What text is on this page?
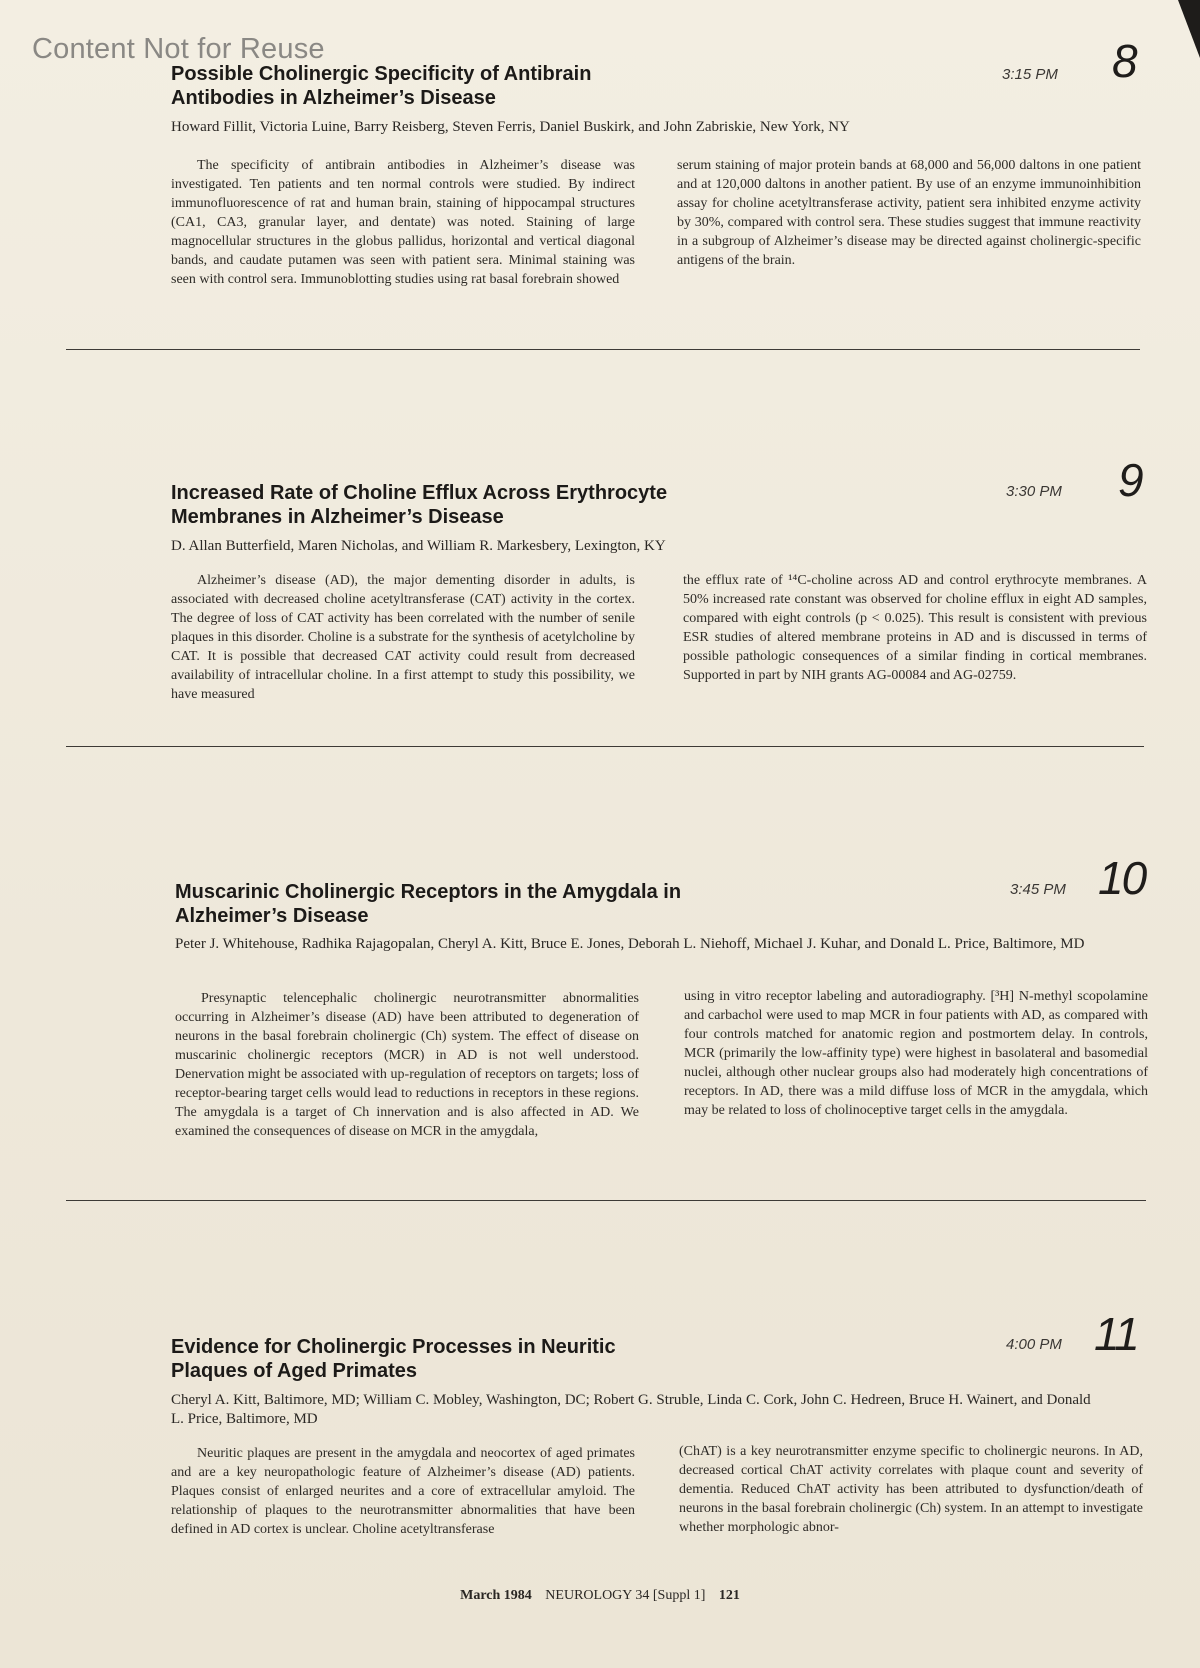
Content Not for Reuse
Possible Cholinergic Specificity of Antibrain
Antibodies in Alzheimer’s Disease
3:15 PM 8
Howard Fillit, Victoria Luine, Barry Reisberg, Steven Ferris, Daniel Buskirk, and John Zabriskie, New York, NY
The specificity of antibrain antibodies in Alzheimer’s disease was investigated. Ten patients and ten normal controls were studied. By indirect immunofluorescence of rat and human brain, staining of hippocampal structures (CA1, CA3, granular layer, and dentate) was noted. Staining of large magnocellular structures in the globus pallidus, horizontal and vertical diagonal bands, and caudate putamen was seen with patient sera. Minimal staining was seen with control sera. Immunoblotting studies using rat basal forebrain showed
serum staining of major protein bands at 68,000 and 56,000 daltons in one patient and at 120,000 daltons in another patient. By use of an enzyme immunoinhibition assay for choline acetyltransferase activity, patient sera inhibited enzyme activity by 30%, compared with control sera. These studies suggest that immune reactivity in a subgroup of Alzheimer’s disease may be directed against cholinergic-specific antigens of the brain.
Increased Rate of Choline Efflux Across Erythrocyte
Membranes in Alzheimer’s Disease
3:30 PM 9
D. Allan Butterfield, Maren Nicholas, and William R. Markesbery, Lexington, KY
Alzheimer’s disease (AD), the major dementing disorder in adults, is associated with decreased choline acetyltransferase (CAT) activity in the cortex. The degree of loss of CAT activity has been correlated with the number of senile plaques in this disorder. Choline is a substrate for the synthesis of acetylcholine by CAT. It is possible that decreased CAT activity could result from decreased availability of intracellular choline. In a first attempt to study this possibility, we have measured
the efflux rate of ¹⁴C-choline across AD and control erythrocyte membranes. A 50% increased rate constant was observed for choline efflux in eight AD samples, compared with eight controls (p < 0.025). This result is consistent with previous ESR studies of altered membrane proteins in AD and is discussed in terms of possible pathologic consequences of a similar finding in cortical membranes. Supported in part by NIH grants AG-00084 and AG-02759.
Muscarinic Cholinergic Receptors in the Amygdala in
Alzheimer’s Disease
3:45 PM 10
Peter J. Whitehouse, Radhika Rajagopalan, Cheryl A. Kitt, Bruce E. Jones, Deborah L. Niehoff, Michael J. Kuhar, and Donald L. Price, Baltimore, MD
Presynaptic telencephalic cholinergic neurotransmitter abnormalities occurring in Alzheimer’s disease (AD) have been attributed to degeneration of neurons in the basal forebrain cholinergic (Ch) system. The effect of disease on muscarinic cholinergic receptors (MCR) in AD is not well understood. Denervation might be associated with up-regulation of receptors on targets; loss of receptor-bearing target cells would lead to reductions in receptors in these regions. The amygdala is a target of Ch innervation and is also affected in AD. We examined the consequences of disease on MCR in the amygdala,
using in vitro receptor labeling and autoradiography. [³H] N-methyl scopolamine and carbachol were used to map MCR in four patients with AD, as compared with four controls matched for anatomic region and postmortem delay. In controls, MCR (primarily the low-affinity type) were highest in basolateral and basomedial nuclei, although other nuclear groups also had moderately high concentrations of receptors. In AD, there was a mild diffuse loss of MCR in the amygdala, which may be related to loss of cholinoceptive target cells in the amygdala.
Evidence for Cholinergic Processes in Neuritic
Plaques of Aged Primates
4:00 PM 11
Cheryl A. Kitt, Baltimore, MD; William C. Mobley, Washington, DC; Robert G. Struble, Linda C. Cork, John C. Hedreen, Bruce H. Wainert, and Donald L. Price, Baltimore, MD
Neuritic plaques are present in the amygdala and neocortex of aged primates and are a key neuropathologic feature of Alzheimer’s disease (AD) patients. Plaques consist of enlarged neurites and a core of extracellular amyloid. The relationship of plaques to the neurotransmitter abnormalities that have been defined in AD cortex is unclear. Choline acetyltransferase
(ChAT) is a key neurotransmitter enzyme specific to cholinergic neurons. In AD, decreased cortical ChAT activity correlates with plaque count and severity of dementia. Reduced ChAT activity has been attributed to dysfunction/death of neurons in the basal forebrain cholinergic (Ch) system. In an attempt to investigate whether morphologic abnor-
March 1984 NEUROLOGY 34 [Suppl 1] 121
